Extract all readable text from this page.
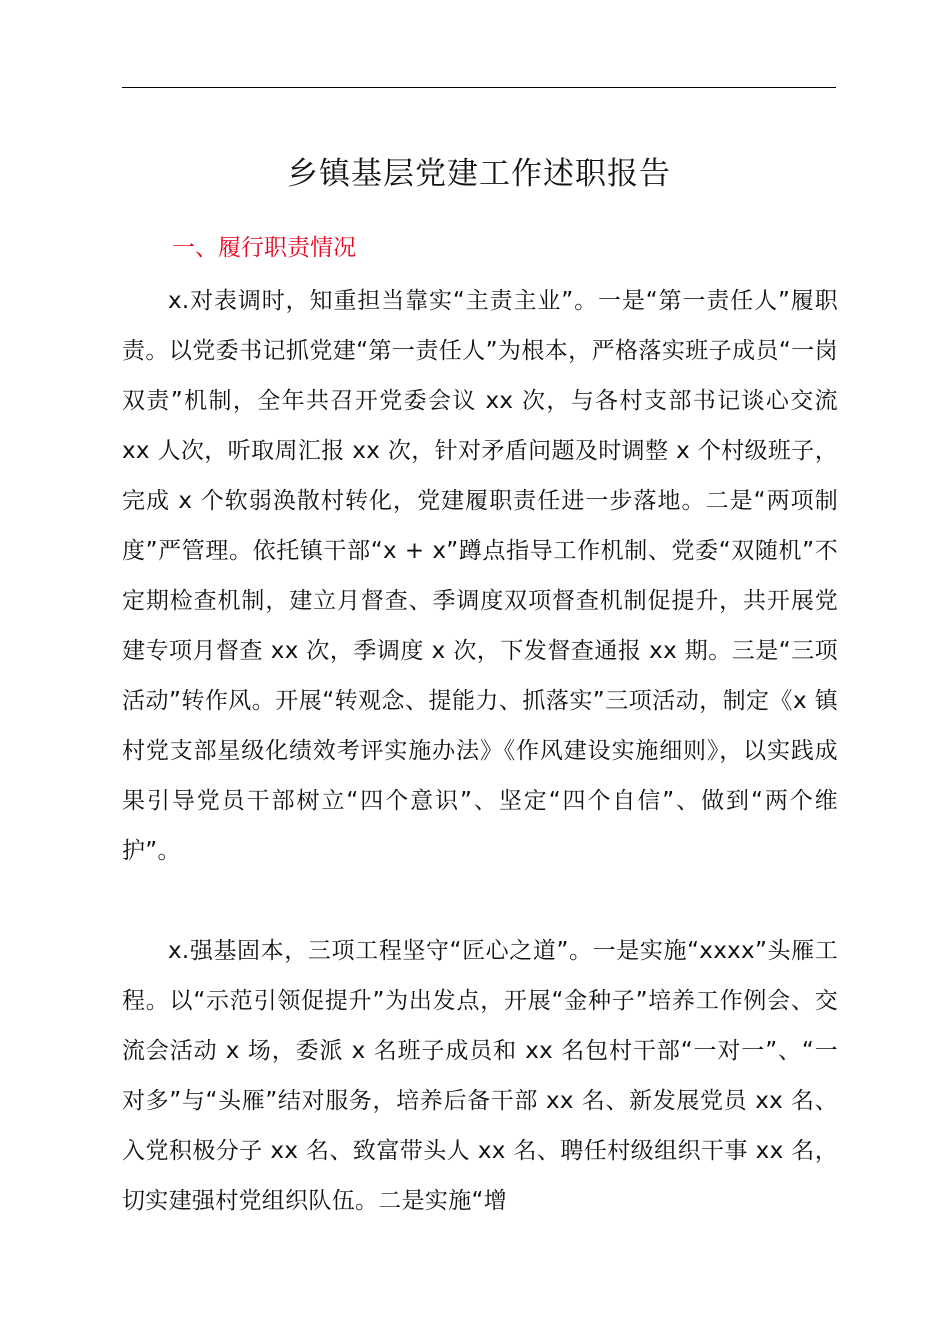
乡镇基层党建工作述职报告
一、履行职责情况

x.对表调时，知重担当靠实“主责主业”。一是“第一责任人”履职责。以党委书记抓党建“第一责任人”为根本，严格落实班子成员“一岗双责”机制，全年共召开党委会议 xx 次，与各村支部书记谈心交流 xx 人次，听取周汇报 xx 次，针对矛盾问题及时调整 x 个村级班子，完成 x 个软弱涣散村转化，党建履职责任进一步落地。二是“两项制度”严管理。依托镇干部“x + x”蹲点指导工作机制、党委“双随机”不定期检查机制，建立月督查、季调度双项督查机制促提升，共开展党建专项月督查 xx 次，季调度 x 次，下发督查通报 xx 期。三是“三项活动”转作风。开展“转观念、提能力、抓落实”三项活动，制定《x 镇村党支部星级化绩效考评实施办法》《作风建设实施细则》，以实践成果引导党员干部树立“四个意识”、坚定“四个自信”、做到“两个维护”。

x.强基固本，三项工程坚守“匠心之道”。一是实施“xxxx”头雁工程。以“示范引领促提升”为出发点，开展“金种子”培养工作例会、交流会活动 x 场，委派 x 名班子成员和 xx 名包村干部“一对一”、“一对多”与“头雁”结对服务，培养后备干部 xx 名、新发展党员 xx 名、入党积极分子 xx 名、致富带头人 xx 名、聘任村级组织干事 xx 名，切实建强村党组织队伍。二是实施“增
